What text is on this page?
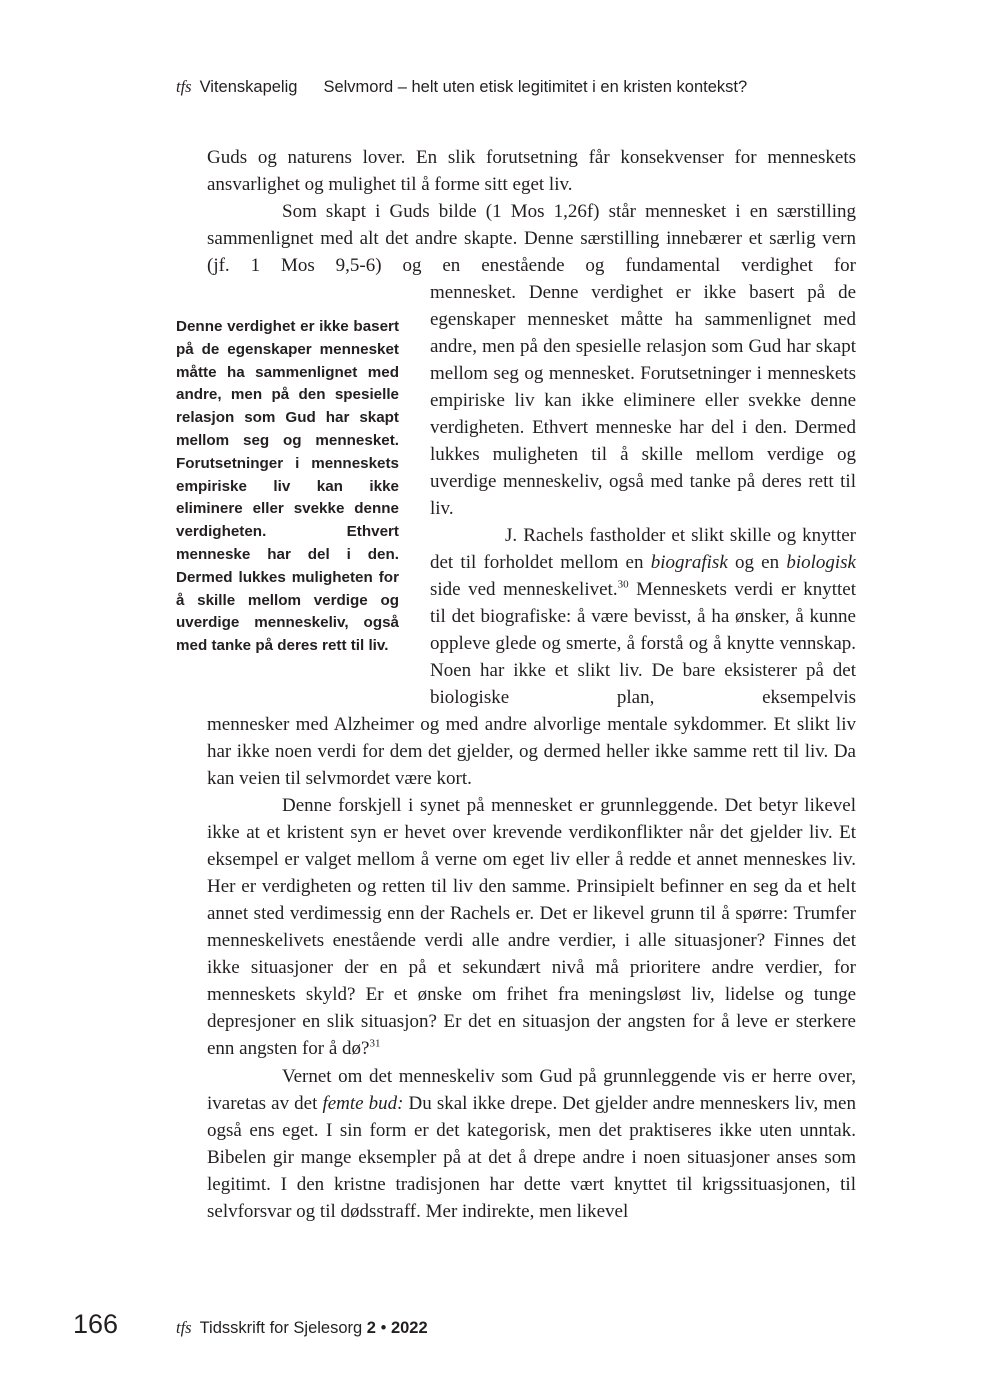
tfs Vitenskapelig Selvmord – helt uten etisk legitimitet i en kristen kontekst?

Guds og naturens lover. En slik forutsetning får konsekvenser for menneskets ansvarlighet og mulighet til å forme sitt eget liv.

Som skapt i Guds bilde (1 Mos 1,26f) står mennesket i en særstilling sammenlignet med alt det andre skapte. Denne særstilling innebærer et særlig vern (jf. 1 Mos 9,5-6) og en enestående og fundamental verdighet for

mennesket. Denne verdighet er ikke basert på de egenskaper mennesket måtte ha sammenlignet med andre, men på den spesielle relasjon som Gud har skapt mellom seg og mennesket. Forutsetninger i menneskets empiriske liv kan ikke eliminere eller svekke denne verdigheten. Ethvert menneske har del i den. Dermed lukkes muligheten til å skille mellom verdige og uverdige menneskeliv, også med tanke på deres rett til liv.

J. Rachels fastholder et slikt skille og knytter det til forholdet mellom en biografisk og en biologisk side ved menneskelivet.$^{30}$ Menneskets verdi er knyttet til det biografiske: å være bevisst, å ha ønsker, å kunne oppleve glede og smerte, å forstå og å knytte vennskap. Noen har ikke et slikt liv. De bare eksisterer på det biologiske plan, eksempelvis

Denne verdighet er ikke basert på de egenskaper mennesket måtte ha sammenlignet med andre, men på den spesielle relasjon som Gud har skapt mellom seg og mennesket. Forutsetninger i menneskets empiriske liv kan ikke eliminere eller svekke denne verdigheten. Ethvert menneske har del i den. Dermed lukkes muligheten for å skille mellom verdige og uverdige menneskeliv, også med tanke på deres rett til liv.

mennesker med Alzheimer og med andre alvorlige mentale sykdommer. Et slikt liv har ikke noen verdi for dem det gjelder, og dermed heller ikke samme rett til liv. Da kan veien til selvmordet være kort.

Denne forskjell i synet på mennesket er grunnleggende. Det betyr likevel ikke at et kristent syn er hevet over krevende verdikonflikter når det gjelder liv. Et eksempel er valget mellom å verne om eget liv eller å redde et annet menneskes liv. Her er verdigheten og retten til liv den samme. Prinsipielt befinner en seg da et helt annet sted verdimessig enn der Rachels er. Det er likevel grunn til å spørre: Trumfer menneskelivets enestående verdi alle andre verdier, i alle situasjoner? Finnes det ikke situasjoner der en på et sekundært nivå må prioritere andre verdier, for menneskets skyld? Er et ønske om frihet fra meningsløst liv, lidelse og tunge depresjoner en slik situasjon? Er det en situasjon der angsten for å leve er sterkere enn angsten for å dø?$^{31}$

Vernet om det menneskeliv som Gud på grunnleggende vis er herre over, ivaretas av det femte bud: Du skal ikke drepe. Det gjelder andre menneskers liv, men også ens eget. I sin form er det kategorisk, men det praktiseres ikke uten unntak. Bibelen gir mange eksempler på at det å drepe andre i noen situasjoner anses som legitimt. I den kristne tradisjonen har dette vært knyttet til krigssituasjonen, til selvforsvar og til dødsstraff. Mer indirekte, men likevel

166	tfs Tidsskrift for Sjelesorg 2 • 2022
